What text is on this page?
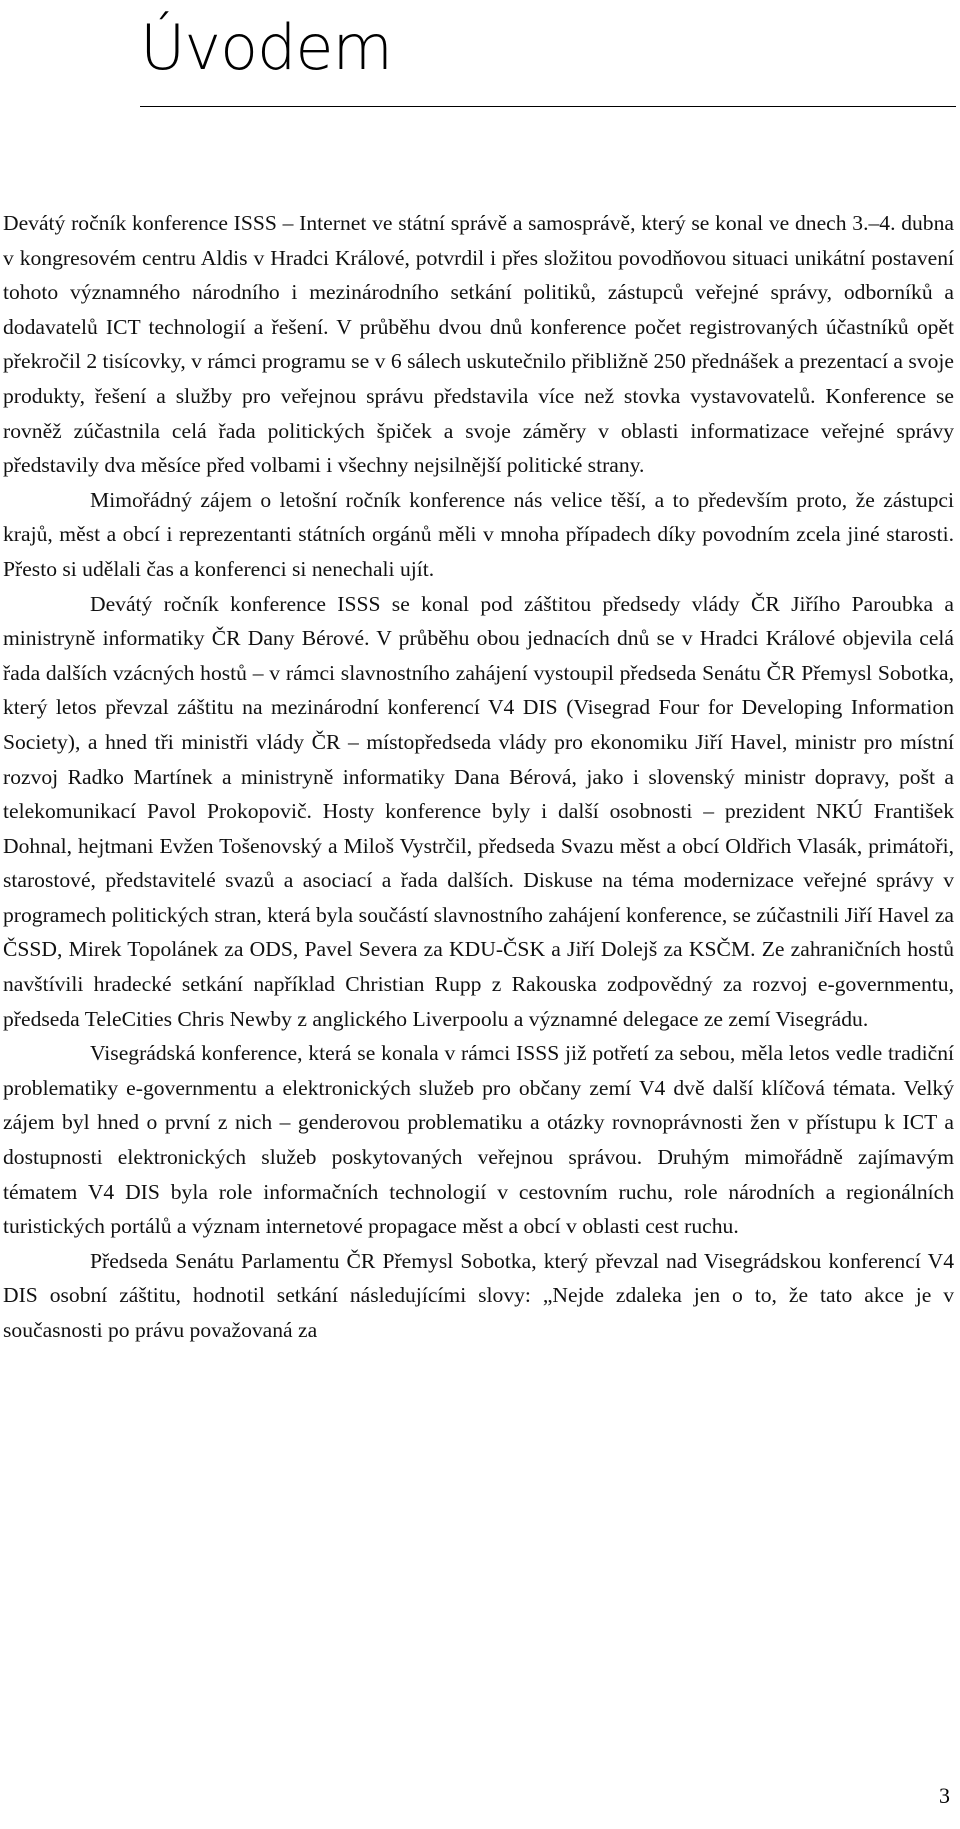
Úvodem

Devátý ročník konference ISSS – Internet ve státní správě a samosprávě, který se konal ve dnech 3.–4. dubna v kongresovém centru Aldis v Hradci Králové, potvrdil i přes složitou povodňovou situaci unikátní postavení tohoto významného národního i mezinárodního setkání politiků, zástupců veřejné správy, odborníků a dodavatelů ICT technologií a řešení. V průběhu dvou dnů konference počet registrovaných účastníků opět překročil 2 tisícovky, v rámci programu se v 6 sálech uskutečnilo přibližně 250 přednášek a prezentací a svoje produkty, řešení a služby pro veřejnou správu představila více než stovka vystavovatelů. Konference se rovněž zúčastnila celá řada politických špiček a svoje záměry v oblasti informatizace veřejné správy představily dva měsíce před volbami i všechny nejsilnější politické strany.

Mimořádný zájem o letošní ročník konference nás velice těší, a to především proto, že zástupci krajů, měst a obcí i reprezentanti státních orgánů měli v mnoha případech díky povodním zcela jiné starosti. Přesto si udělali čas a konferenci si nenechali ujít.

Devátý ročník konference ISSS se konal pod záštitou předsedy vlády ČR Jiřího Paroubka a ministryně informatiky ČR Dany Bérové. V průběhu obou jednacích dnů se v Hradci Králové objevila celá řada dalších vzácných hostů – v rámci slavnostního zahájení vystoupil předseda Senátu ČR Přemysl Sobotka, který letos převzal záštitu na mezinárodní konferencí V4 DIS (Visegrad Four for Developing Information Society), a hned tři ministři vlády ČR – místopředseda vlády pro ekonomiku Jiří Havel, ministr pro místní rozvoj Radko Martínek a ministryně informatiky Dana Bérová, jako i slovenský ministr dopravy, pošt a telekomunikací Pavol Prokopovič. Hosty konference byly i další osobnosti – prezident NKÚ František Dohnal, hejtmani Evžen Tošenovský a Miloš Vystrčil, předseda Svazu měst a obcí Oldřich Vlasák, primátoři, starostové, představitelé svazů a asociací a řada dalších. Diskuse na téma modernizace veřejné správy v programech politických stran, která byla součástí slavnostního zahájení konference, se zúčastnili Jiří Havel za ČSSD, Mirek Topolánek za ODS, Pavel Severa za KDU-ČSK a Jiří Dolejš za KSČM. Ze zahraničních hostů navštívili hradecké setkání například Christian Rupp z Rakouska zodpovědný za rozvoj e-governmentu, předseda TeleCities Chris Newby z anglického Liverpoolu a významné delegace ze zemí Visegrádu.

Visegrádská konference, která se konala v rámci ISSS již potřetí za sebou, měla letos vedle tradiční problematiky e-governmentu a elektronických služeb pro občany zemí V4 dvě další klíčová témata. Velký zájem byl hned o první z nich – genderovou problematiku a otázky rovnoprávnosti žen v přístupu k ICT a dostupnosti elektronických služeb poskytovaných veřejnou správou. Druhým mimořádně zajímavým tématem V4 DIS byla role informačních technologií v cestovním ruchu, role národních a regionálních turistických portálů a význam internetové propagace měst a obcí v oblasti cest ruchu.

Předseda Senátu Parlamentu ČR Přemysl Sobotka, který převzal nad Visegrádskou konferencí V4 DIS osobní záštitu, hodnotil setkání následujícími slovy: „Nejde zdaleka jen o to, že tato akce je v současnosti po právu považovaná za

3
